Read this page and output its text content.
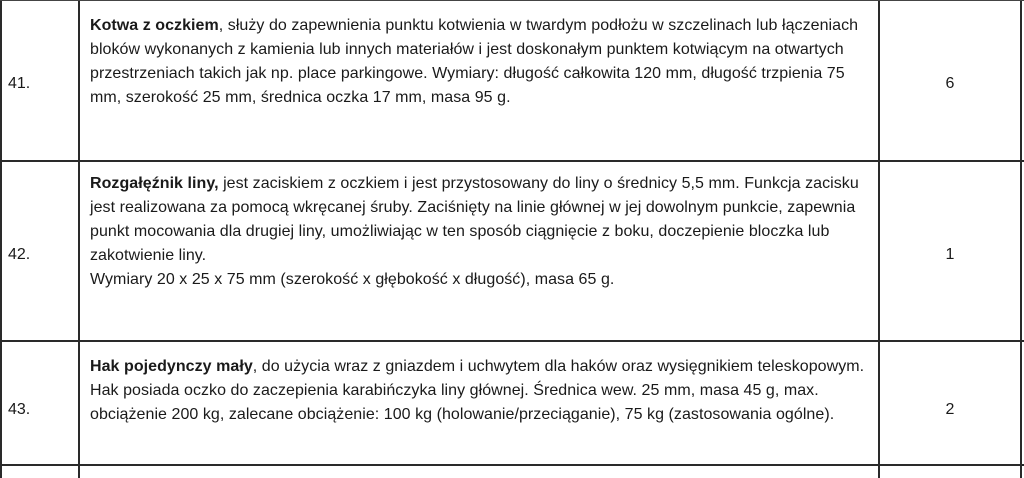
41.

Kotwa z oczkiem, służy do zapewnienia punktu kotwienia w twardym podłożu w szczelinach lub łączeniach bloków wykonanych z kamienia lub innych materiałów i jest doskonałym punktem kotwiącym na otwartych przestrzeniach takich jak np. place parkingowe. Wymiary: długość całkowita 120 mm, długość trzpienia 75 mm, szerokość 25 mm, średnica oczka 17 mm, masa 95 g.

6
42.

Rozgałęźnik liny, jest zaciskiem z oczkiem i jest przystosowany do liny o średnicy 5,5 mm. Funkcja zacisku jest realizowana za pomocą wkręcanej śruby. Zaciśnięty na linie głównej w jej dowolnym punkcie, zapewnia punkt mocowania dla drugiej liny, umożliwiając w ten sposób ciągnięcie z boku, doczepienie bloczka lub zakotwienie liny.

Wymiary 20 x 25 x 75 mm (szerokość x głębokość x długość), masa 65 g.

1
43.

Hak pojedynczy mały, do użycia wraz z gniazdem i uchwytem dla haków oraz wysięgnikiem teleskopowym. Hak posiada oczko do zaczepienia karabińczyka liny głównej. Średnica wew. 25 mm, masa 45 g, max. obciążenie 200 kg, zalecane obciążenie: 100 kg (holowanie/przeciąganie), 75 kg (zastosowania ogólne).	2
